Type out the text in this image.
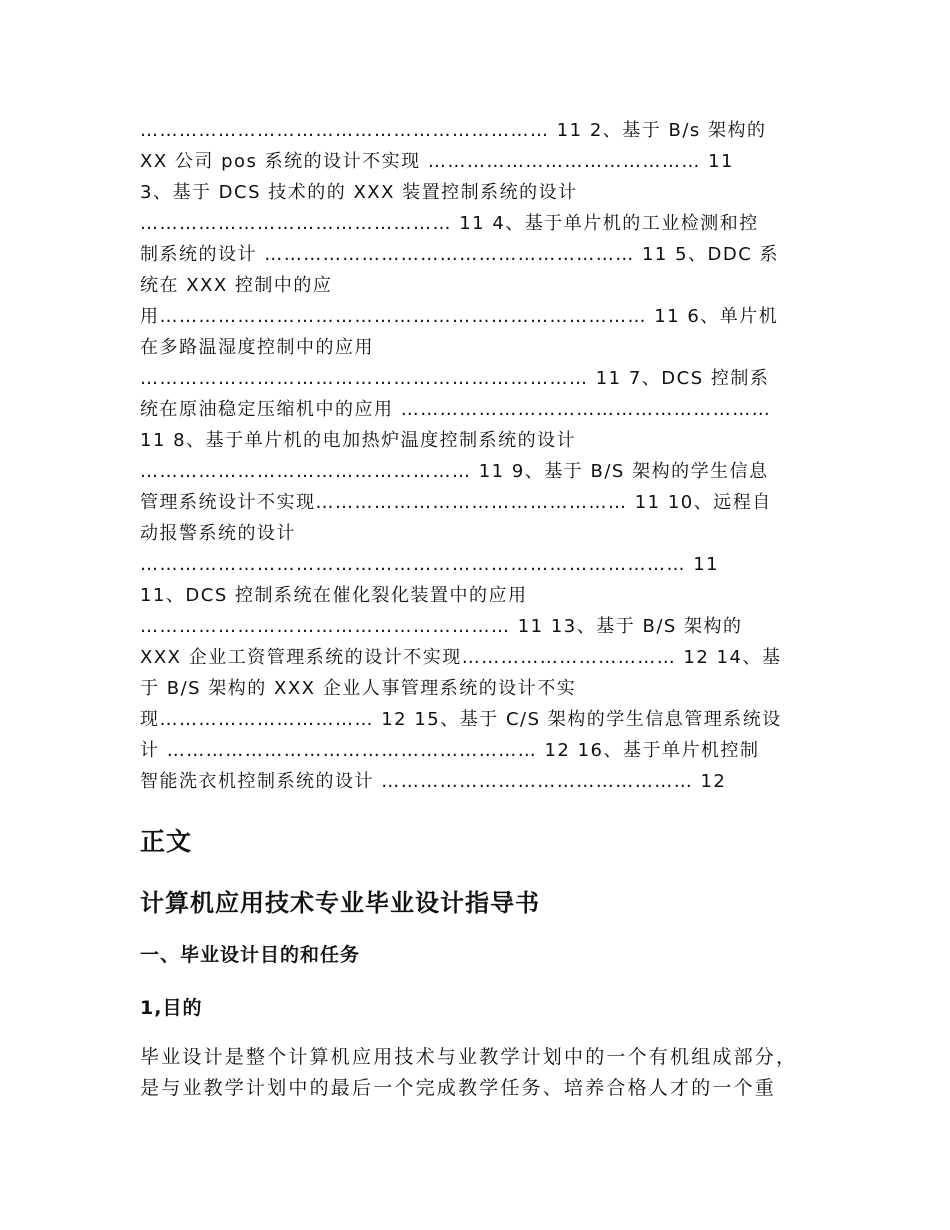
……………………………………………………… 11 2、基于 B/s 架构的
XX 公司 pos 系统的设计不实现 …………………………………… 11
3、基于 DCS 技术的的 XXX 装置控制系统的设计
………………………………………… 11 4、基于单片机的工业检测和控
制系统的设计 ………………………………………………… 11 5、DDC 系
统在 XXX 控制中的应
用………………………………………………………………… 11 6、单片机
在多路温湿度控制中的应用
…………………………………………………………… 11 7、DCS 控制系
统在原油稳定压缩机中的应用 …………………………………………………
11 8、基于单片机的电加热炉温度控制系统的设计
…………………………………………… 11 9、基于 B/S 架构的学生信息
管理系统设计不实现………………………………………… 11 10、远程自
动报警系统的设计
………………………………………………………………………… 11
11、DCS 控制系统在催化裂化装置中的应用
………………………………………………… 11 13、基于 B/S 架构的
XXX 企业工资管理系统的设计不实现…………………………… 12 14、基
于 B/S 架构的 XXX 企业人事管理系统的设计不实
现…………………………… 12 15、基于 C/S 架构的学生信息管理系统设
计 ………………………………………………… 12 16、基于单片机控制
智能洗衣机控制系统的设计 ………………………………………… 12
正文
计算机应用技术专业毕业设计指导书
一、毕业设计目的和任务
1,目的
毕业设计是整个计算机应用技术与业教学计划中的一个有机组成部分，
是与业教学计划中的最后一个完成教学任务、培养合格人才的一个重
